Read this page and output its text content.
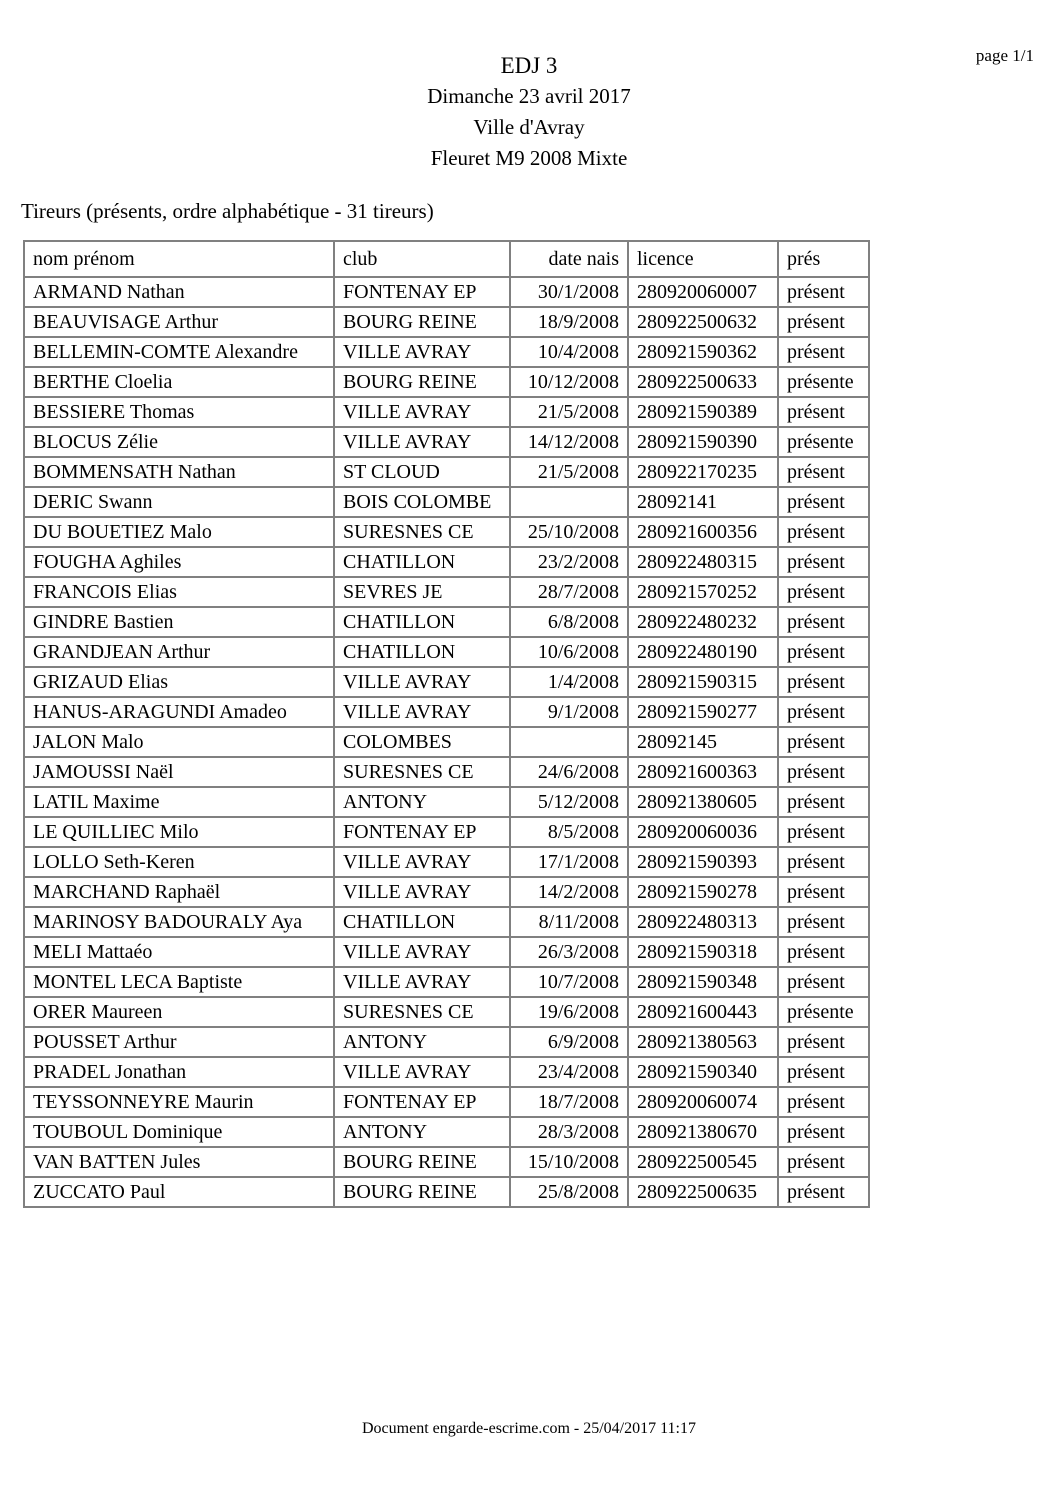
page 1/1
EDJ 3
Dimanche 23 avril 2017
Ville d'Avray
Fleuret M9 2008 Mixte
Tireurs (présents, ordre alphabétique - 31 tireurs)
nom prénom	club	date nais	licence	prés
ARMAND Nathan	FONTENAY EP	30/1/2008	280920060007	présent
BEAUVISAGE Arthur	BOURG REINE	18/9/2008	280922500632	présent
BELLEMIN-COMTE Alexandre	VILLE AVRAY	10/4/2008	280921590362	présent
BERTHE Cloelia	BOURG REINE	10/12/2008	280922500633	présente
BESSIERE Thomas	VILLE AVRAY	21/5/2008	280921590389	présent
BLOCUS Zélie	VILLE AVRAY	14/12/2008	280921590390	présente
BOMMENSATH Nathan	ST CLOUD	21/5/2008	280922170235	présent
DERIC Swann	BOIS COLOMBE		28092141	présent
DU BOUETIEZ Malo	SURESNES CE	25/10/2008	280921600356	présent
FOUGHA Aghiles	CHATILLON	23/2/2008	280922480315	présent
FRANCOIS Elias	SEVRES JE	28/7/2008	280921570252	présent
GINDRE Bastien	CHATILLON	6/8/2008	280922480232	présent
GRANDJEAN Arthur	CHATILLON	10/6/2008	280922480190	présent
GRIZAUD Elias	VILLE AVRAY	1/4/2008	280921590315	présent
HANUS-ARAGUNDI Amadeo	VILLE AVRAY	9/1/2008	280921590277	présent
JALON Malo	COLOMBES		28092145	présent
JAMOUSSI Naël	SURESNES CE	24/6/2008	280921600363	présent
LATIL Maxime	ANTONY	5/12/2008	280921380605	présent
LE QUILLIEC Milo	FONTENAY EP	8/5/2008	280920060036	présent
LOLLO Seth-Keren	VILLE AVRAY	17/1/2008	280921590393	présent
MARCHAND Raphaël	VILLE AVRAY	14/2/2008	280921590278	présent
MARINOSY BADOURALY Aya	CHATILLON	8/11/2008	280922480313	présent
MELI Mattaéo	VILLE AVRAY	26/3/2008	280921590318	présent
MONTEL LECA Baptiste	VILLE AVRAY	10/7/2008	280921590348	présent
ORER Maureen	SURESNES CE	19/6/2008	280921600443	présente
POUSSET Arthur	ANTONY	6/9/2008	280921380563	présent
PRADEL Jonathan	VILLE AVRAY	23/4/2008	280921590340	présent
TEYSSONNEYRE Maurin	FONTENAY EP	18/7/2008	280920060074	présent
TOUBOUL Dominique	ANTONY	28/3/2008	280921380670	présent
VAN BATTEN Jules	BOURG REINE	15/10/2008	280922500545	présent
ZUCCATO Paul	BOURG REINE	25/8/2008	280922500635	présent
Document engarde-escrime.com - 25/04/2017 11:17
